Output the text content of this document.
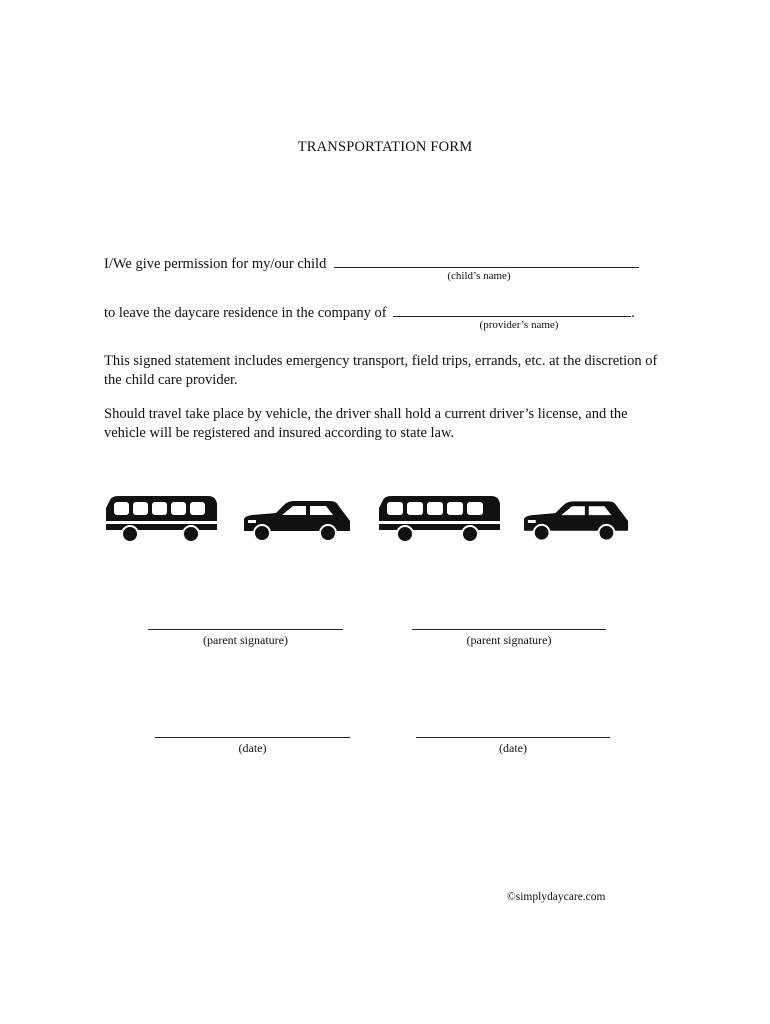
TRANSPORTATION FORM
I/We give permission for my/our child
(child’s name)
to leave the daycare residence in the company of	.
(provider’s name)
This signed statement includes emergency transport, field trips, errands, etc. at the discretion of the child care provider.
Should travel take place by vehicle, the driver shall hold a current driver’s license, and the vehicle will be registered and insured according to state law.
(parent signature)	(parent signature)
(date)	(date)
©simplydaycare.com
